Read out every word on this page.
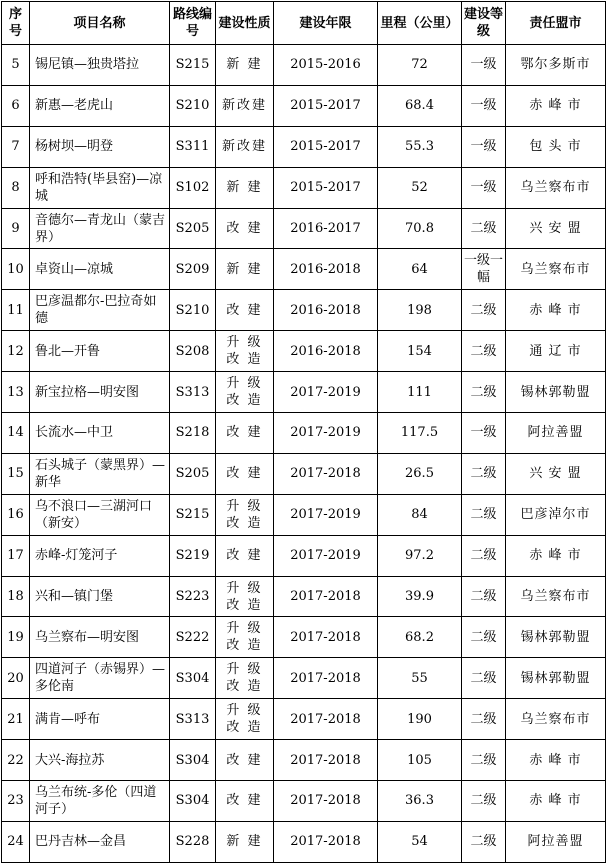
序号	项目名称	路线编号	建设性质	建设年限	里程（公里）	建设等级	责任盟市
5	锡尼镇—独贵塔拉	S215	新 建	2015-2016	72	一级	鄂尔多斯市
6	新惠—老虎山	S210	新改建	2015-2017	68.4	一级	赤 峰 市
7	杨树坝—明登	S311	新改建	2015-2017	55.3	一级	包 头 市
8	呼和浩特(毕县窑)—凉城	S102	新 建	2015-2017	52	一级	乌兰察布市
9	音德尔—青龙山（蒙吉界）	S205	改 建	2016-2017	70.8	二级	兴 安 盟
10	卓资山—凉城	S209	新 建	2016-2018	64	一级一幅	乌兰察布市
11	巴彦温都尔-巴拉奇如德	S210	改 建	2016-2018	198	二级	赤 峰 市
12	鲁北—开鲁	S208	升 级 改 造	2016-2018	154	二级	通 辽 市
13	新宝拉格—明安图	S313	升 级 改 造	2017-2019	111	二级	锡林郭勒盟
14	长流水—中卫	S218	改 建	2017-2019	117.5	一级	阿拉善盟
15	石头城子（蒙黑界）—新华	S205	改 建	2017-2018	26.5	二级	兴 安 盟
16	乌不浪口—三湖河口（新安）	S215	升 级 改 造	2017-2019	84	二级	巴彦淖尔市
17	赤峰-灯笼河子	S219	改 建	2017-2019	97.2	二级	赤 峰 市
18	兴和—镇门堡	S223	升 级 改 造	2017-2018	39.9	二级	乌兰察布市
19	乌兰察布—明安图	S222	升 级 改 造	2017-2018	68.2	二级	锡林郭勒盟
20	四道河子（赤锡界）—多伦南	S304	升 级 改 造	2017-2018	55	二级	锡林郭勒盟
21	满肯—呼布	S313	升 级 改 造	2017-2018	190	二级	乌兰察布市
22	大兴-海拉苏	S304	改 建	2017-2018	105	二级	赤 峰 市
23	乌兰布统-多伦（四道河子）	S304	改 建	2017-2018	36.3	二级	赤 峰 市
24	巴丹吉林—金昌	S228	新 建	2017-2018	54	二级	阿拉善盟
